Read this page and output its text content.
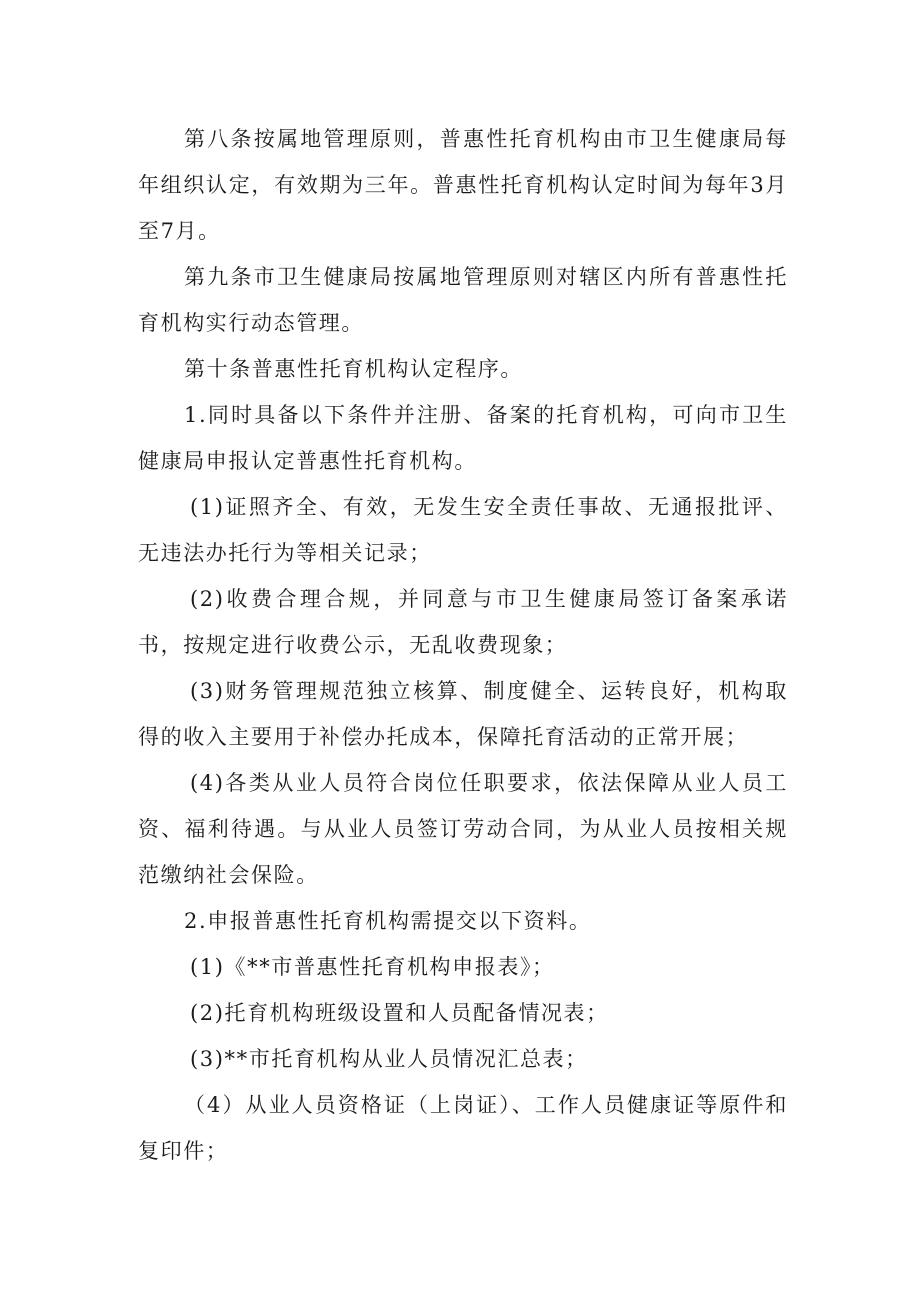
第八条按属地管理原则，普惠性托育机构由市卫生健康局每年组织认定，有效期为三年。普惠性托育机构认定时间为每年3月至7月。

第九条市卫生健康局按属地管理原则对辖区内所有普惠性托育机构实行动态管理。

第十条普惠性托育机构认定程序。

1.同时具备以下条件并注册、备案的托育机构，可向市卫生健康局申报认定普惠性托育机构。

(1)证照齐全、有效，无发生安全责任事故、无通报批评、无违法办托行为等相关记录；

(2)收费合理合规，并同意与市卫生健康局签订备案承诺书，按规定进行收费公示，无乱收费现象；

(3)财务管理规范独立核算、制度健全、运转良好，机构取得的收入主要用于补偿办托成本，保障托育活动的正常开展；

(4)各类从业人员符合岗位任职要求，依法保障从业人员工资、福利待遇。与从业人员签订劳动合同，为从业人员按相关规范缴纳社会保险。

2.申报普惠性托育机构需提交以下资料。

(1)《**市普惠性托育机构申报表》；

(2)托育机构班级设置和人员配备情况表；

(3)**市托育机构从业人员情况汇总表；

（4）从业人员资格证（上岗证）、工作人员健康证等原件和复印件；
